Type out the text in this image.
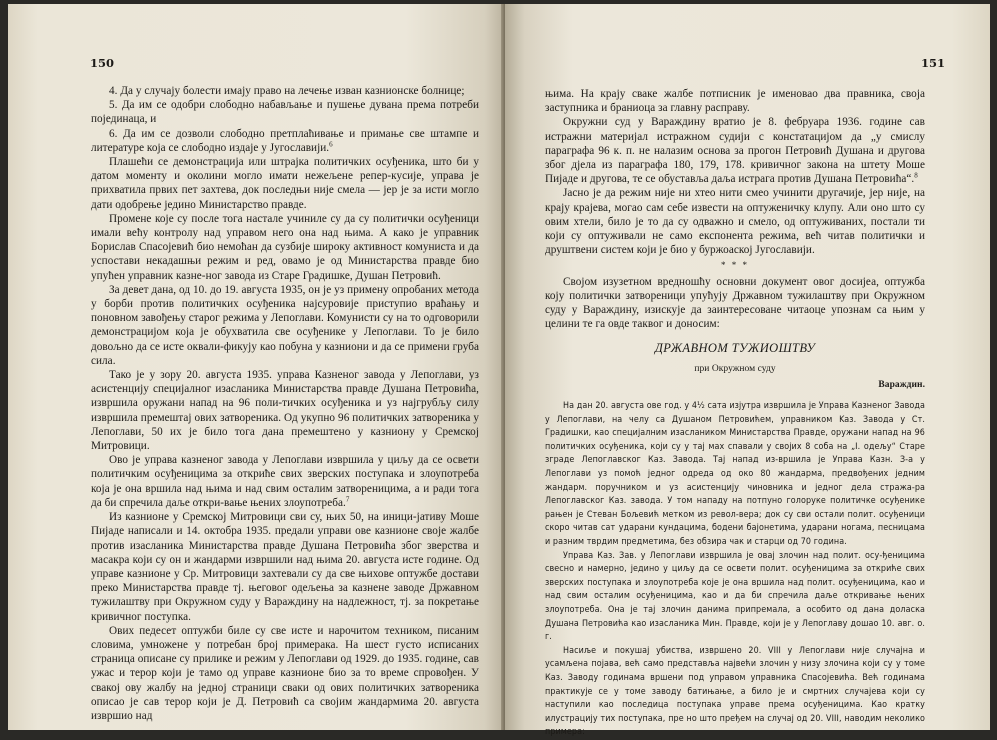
150

4. Да у случају болести имају право на лечење изван казнионске болнице;

5. Да им се одобри слободно набављање и пушење дувана према потреби појединаца, и

6. Да им се дозволи слободно претплаћивање и примање све штампе и литературе која се слободно издаје у Југославији.$^6$

Плашећи се демонстрација или штрајка политичких осуђеника, што би у датом моменту и околини могло имати нежељене репер-кусије, управа је прихватила првих пет захтева, док последњи није смела — јер је за исти могло дати одобрење једино Министарство правде.

Промене које су после тога настале учиниле су да су политички осуђеници имали већу контролу над управом него она над њима. А како је управник Борислав Спасојевић био немоћан да сузбије широку активност комуниста и да успостави некадашњи режим и ред, овамо је од Министарства правде био упућен управник казне-ног завода из Старе Градишке, Душан Петровић.

За девет дана, од 10. до 19. августа 1935, он је уз примену опробаних метода у борби против политичких осуђеника најсуровије приступио враћању и поновном завођењу старог режима у Лепоглави. Комунисти су на то одговорили демонстрацијом која је обухватила све осуђенике у Лепоглави. То је било довољно да се исте оквали-фикују као побуна у казниони и да се примени груба сила.

Тако је у зору 20. августа 1935. управа Казненог завода у Лепоглави, уз асистенцију специјалног изасланика Министарства правде Душана Петровића, извршила оружани напад на 96 поли-тичких осуђеника и уз најгрубљу силу извршила премештај ових затвореника. Од укупно 96 политичких затвореника у Лепоглави, 50 их је било тога дана премештено у казниону у Сремској Митровици.

Ово је управа казненог завода у Лепоглави извршила у циљу да се освети политичким осуђеницима за откриће свих зверских поступака и злоупотреба која је она вршила над њима и над свим осталим затвореницима, а и ради тога да би спречила даље откри-вање њених злоупотреба.$^7$

Из казнионе у Сремској Митровици сви су, њих 50, на иници-јативу Моше Пијаде написали и 14. октобра 1935. предали управи ове казнионе своје жалбе против изасланика Министарства правде Душана Петровића због зверства и масакра који су он и жандарми извршили над њима 20. августа исте године. Од управе казнионе у Ср. Митровици захтевали су да све њихове оптужбе достави преко Министарства правде тј. његовог одељења за казнене заводе Државном тужилаштву при Окружном суду у Вараждину на надлежност, тј. за покретање кривичног поступка.

Ових педесет оптужби биле су све исте и нарочитом техником, писаним словима, умножене у потребан број примерака. На шест густо исписаних страница описане су прилике и режим у Лепоглави од 1929. до 1935. године, сав ужас и терор који је тамо од управе казнионе био за то време спровођен. У свакој ову жалбу на једној страници сваки од ових политичких затвореника описао је сав терор који је Д. Петровић са својим жандармима 20. августа извршио над

151

њима. На крају сваке жалбе потписник је именовао два правника, своја заступника и браниоца за главну расправу.

Окружни суд у Вараждину вратио је 8. фебруара 1936. године сав истражни материјал истражном судији с констатацијом да „у смислу параграфа 96 к. п. не налазим основа за прогон Петровић Душана и другова због дјела из параграфа 180, 179, 178. кривичног закона на штету Моше Пијаде и другова, те се обуставља даља истрага против Душана Петровића“.$^8$

Јасно је да режим није ни хтео нити смео учинити другачије, јер није, на крају крајева, могао сам себе извести на оптуженичку клупу. Али оно што су овим хтели, било је то да су одважно и смело, од оптуживаних, постали ти који су оптуживали не само експонента режима, већ читав политички и друштвени систем који је био у буржоаској Југославији.

* * *

Својом изузетном вредношћу основни документ овог досијеа, оптужба коју политички затвореници упућују Државном тужилаштву при Окружном суду у Вараждину, изискује да заинтересоване читаоце упознам са њим у целини те га овде таквог и доносим:

ДРЖАВНОМ ТУЖИОШТВУ

при Окружном суду

Вараждин.

На дан 20. августа ове год. у 4½ сата изјутра извршила је Управа Казненог Завода у Лепоглави, на челу са Душаном Петровићем, управником Kaз. Завода у Ст. Градишки, као специјалним изаслаником Министарства Правде, оружани напад на 96 политичких осуђеника, који су у тај мах спавали у својих 8 соба на „I. одељу“ Старе зграде Лепоглавског Каз. Завода. Тај напад из-вршила је Управа Казн. З-а у Лепоглави уз помоћ једног одреда од око 80 жандарма, предвођених једним жандарм. поручником и уз асистенцију чиновника и једног дела стража-ра Лепоглавског Каз. завода. У том нападу на потпуно голоруке политичке осуђенике рањен је Стеван Бољевић метком из револ-вера; док су сви остали полит. осуђеници скоро читав сат ударани кундацима, бодени бајонетима, ударани ногама, песницама и разним тврдим предметима, без обзира чак и старци од 70 година.

Управа Каз. Зав. у Лепоглави извршила је овај злочин над полит. осу-ђеницима свесно и намерно, једино у циљу да се освети полит. осуђеницима за откриће свих зверских поступака и злоупотреба које је она вршила над полит. осуђеницима, као и над свим осталим осуђеницима, као и да би спречила даље откривање њених злоупотреба. Она је тај злочин данима припремала, а особито од дана доласка Душана Петровића као изасланика Мин. Правде, који је у Лепоглаву дошао 10. авг. о. г.

Насиље и покушај убиства, извршено 20. VIII у Лепоглави није случајна и усамљена појава, већ само представља највећи злочин у низу злочина који су у томе Каз. Заводу годинама вршени под управом управника Спасојевића. Већ годинама практикује се у томе заводу батињање, а било је и смртних случајева који су наступили као последица поступака управе према осуђеницима. Као кратку илустрацију тих поступака, пре но што пређем на случај од 20. VIII, наводим неколико примера:
